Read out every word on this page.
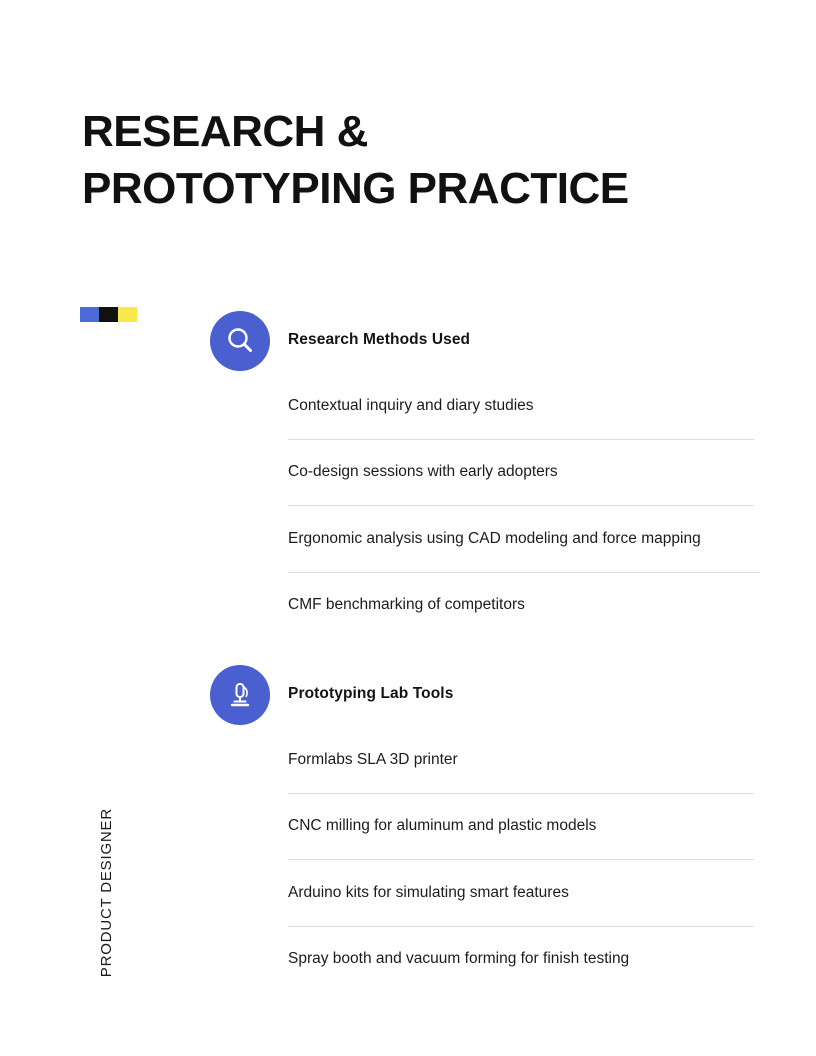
RESEARCH &
PROTOTYPING PRACTICE
PRODUCT DESIGNER
Research Methods Used
Contextual inquiry and diary studies
Co-design sessions with early adopters
Ergonomic analysis using CAD modeling and force mapping
CMF benchmarking of competitors
Prototyping Lab Tools
Formlabs SLA 3D printer
CNC milling for aluminum and plastic models
Arduino kits for simulating smart features
Spray booth and vacuum forming for finish testing
